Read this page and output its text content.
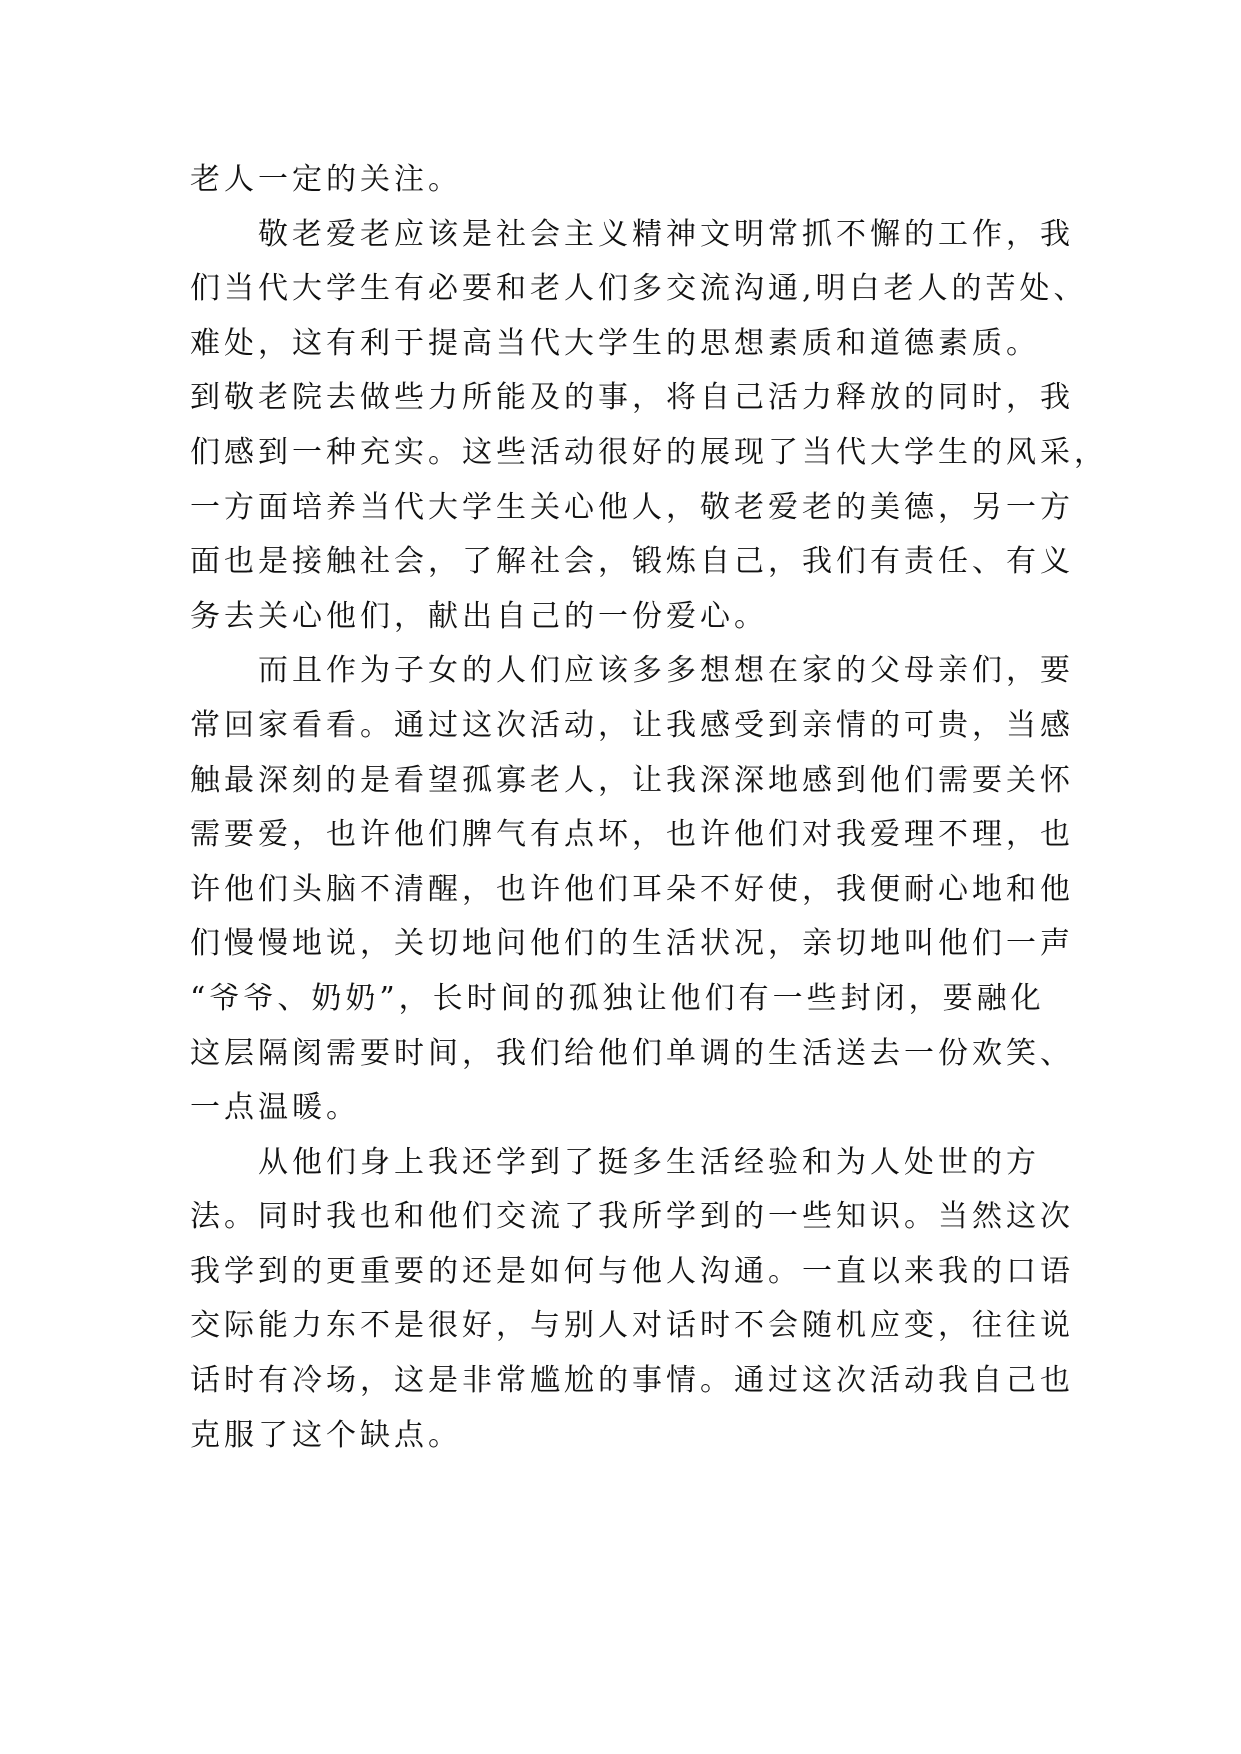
老人一定的关注。
敬老爱老应该是社会主义精神文明常抓不懈的工作，我
们当代大学生有必要和老人们多交流沟通,明白老人的苦处、
难处，这有利于提高当代大学生的思想素质和道德素质。
到敬老院去做些力所能及的事，将自己活力释放的同时，我
们感到一种充实。这些活动很好的展现了当代大学生的风采，
一方面培养当代大学生关心他人，敬老爱老的美德，另一方
面也是接触社会，了解社会，锻炼自己，我们有责任、有义
务去关心他们，献出自己的一份爱心。
而且作为子女的人们应该多多想想在家的父母亲们，要
常回家看看。通过这次活动，让我感受到亲情的可贵，当感
触最深刻的是看望孤寡老人，让我深深地感到他们需要关怀
需要爱，也许他们脾气有点坏，也许他们对我爱理不理，也
许他们头脑不清醒，也许他们耳朵不好使，我便耐心地和他
们慢慢地说，关切地问他们的生活状况，亲切地叫他们一声
“爷爷、奶奶”，长时间的孤独让他们有一些封闭，要融化
这层隔阂需要时间，我们给他们单调的生活送去一份欢笑、
一点温暖。
从他们身上我还学到了挺多生活经验和为人处世的方
法。同时我也和他们交流了我所学到的一些知识。当然这次
我学到的更重要的还是如何与他人沟通。一直以来我的口语
交际能力东不是很好，与别人对话时不会随机应变，往往说
话时有冷场，这是非常尴尬的事情。通过这次活动我自己也
克服了这个缺点。
